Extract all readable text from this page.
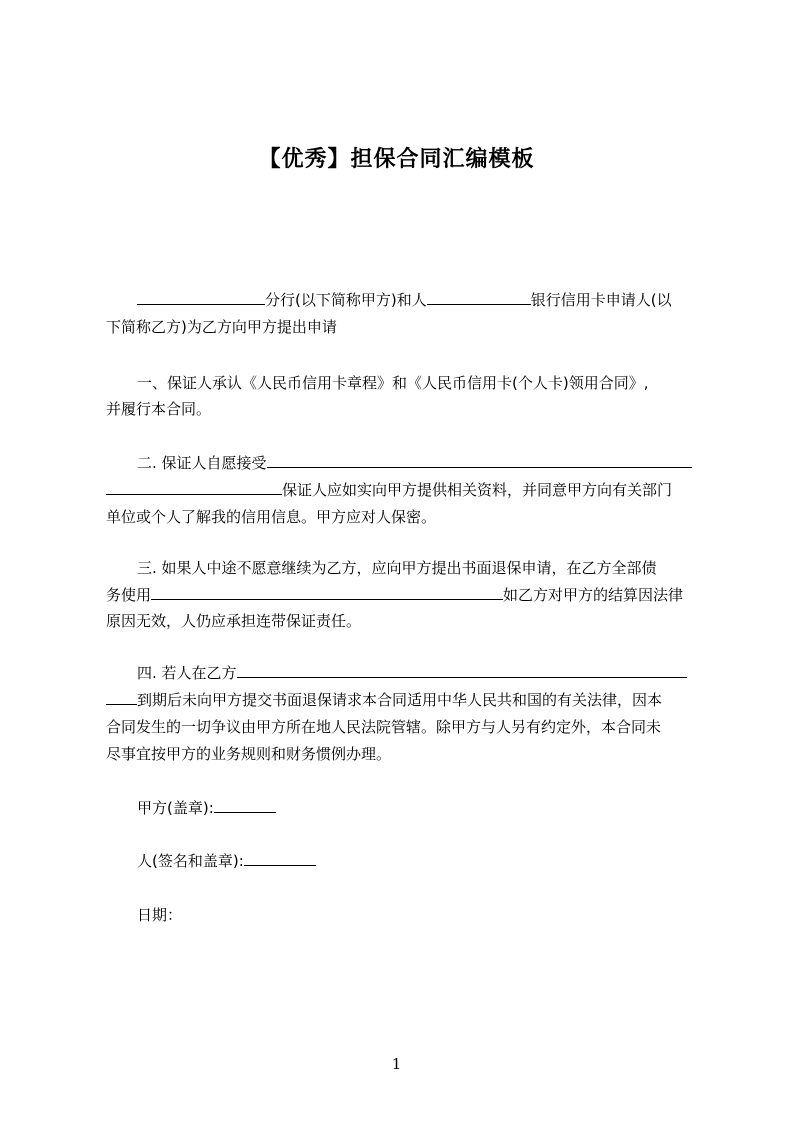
【优秀】担保合同汇编模板
分行(以下简称甲方)和人	银行信用卡申请人(以
下简称乙方)为乙方向甲方提出申请
一、保证人承认《人民币信用卡章程》和《人民币信用卡(个人卡)领用合同》,
并履行本合同。
二. 保证人自愿接受
保证人应如实向甲方提供相关资料，并同意甲方向有关部门
单位或个人了解我的信用信息。甲方应对人保密。
三. 如果人中途不愿意继续为乙方，应向甲方提出书面退保申请，在乙方全部债
务使用	如乙方对甲方的结算因法律
原因无效，人仍应承担连带保证责任。
四. 若人在乙方
到期后未向甲方提交书面退保请求本合同适用中华人民共和国的有关法律，因本
合同发生的一切争议由甲方所在地人民法院管辖。除甲方与人另有约定外，本合同未
尽事宜按甲方的业务规则和财务惯例办理。
甲方(盖章):
人(签名和盖章):
日期：
1
